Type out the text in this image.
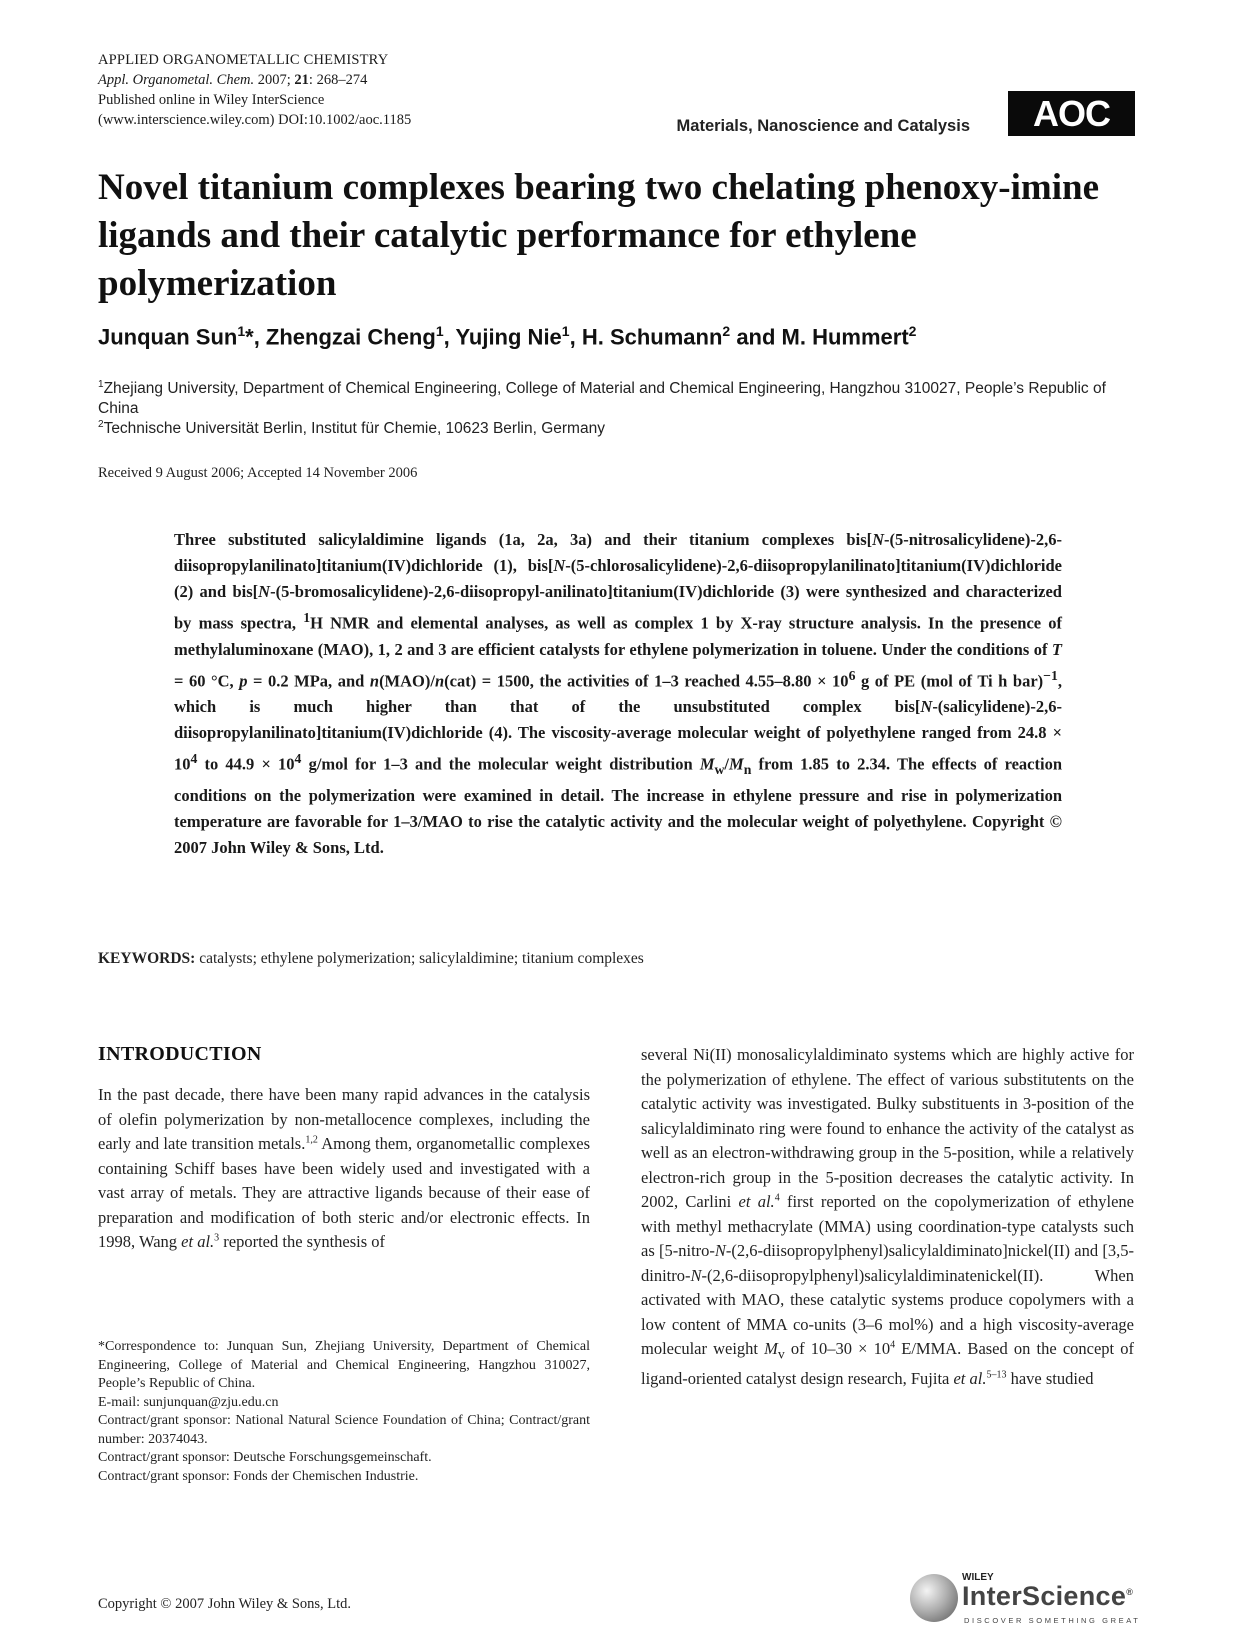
APPLIED ORGANOMETALLIC CHEMISTRY
Appl. Organometal. Chem. 2007; 21: 268–274
Published online in Wiley InterScience
(www.interscience.wiley.com) DOI:10.1002/aoc.1185	Materials, Nanoscience and Catalysis	AOC
Novel titanium complexes bearing two chelating phenoxy-imine ligands and their catalytic performance for ethylene polymerization
Junquan Sun$^1$*, Zhengzai Cheng$^1$, Yujing Nie$^1$, H. Schumann$^2$ and M. Hummert$^2$
$^1$Zhejiang University, Department of Chemical Engineering, College of Material and Chemical Engineering, Hangzhou 310027, People’s Republic of China
$^2$Technische Universität Berlin, Institut für Chemie, 10623 Berlin, Germany
Received 9 August 2006; Accepted 14 November 2006
Three substituted salicylaldimine ligands (1a, 2a, 3a) and their titanium complexes bis[N-(5-nitrosalicylidene)-2,6-diisopropylanilinato]titanium(IV)dichloride (1), bis[N-(5-chlorosalicylidene)-2,6-diisopropylanilinato]titanium(IV)dichloride (2) and bis[N-(5-bromosalicylidene)-2,6-diisopropyl-anilinato]titanium(IV)dichloride (3) were synthesized and characterized by mass spectra, $^1$H NMR and elemental analyses, as well as complex 1 by X-ray structure analysis. In the presence of methylaluminoxane (MAO), 1, 2 and 3 are efficient catalysts for ethylene polymerization in toluene. Under the conditions of T = 60 °C, p = 0.2 MPa, and n(MAO)/n(cat) = 1500, the activities of 1–3 reached $4.55-8.80 \times 10^6$ g of PE (mol of Ti h bar)$^{-1}$, which is much higher than that of the unsubstituted complex bis[N-(salicylidene)-2,6-diisopropylanilinato]titanium(IV)dichloride (4). The viscosity-average molecular weight of polyethylene ranged from $24.8 \times 10^4$ to $44.9 \times 10^4$ g/mol for 1–3 and the molecular weight distribution $M_w/M_n$ from 1.85 to 2.34. The effects of reaction conditions on the polymerization were examined in detail. The increase in ethylene pressure and rise in polymerization temperature are favorable for 1–3/MAO to rise the catalytic activity and the molecular weight of polyethylene. Copyright © 2007 John Wiley & Sons, Ltd.
KEYWORDS: catalysts; ethylene polymerization; salicylaldimine; titanium complexes
INTRODUCTION
In the past decade, there have been many rapid advances in the catalysis of olefin polymerization by non-metallocence complexes, including the early and late transition metals.$^{1,2}$ Among them, organometallic complexes containing Schiff bases have been widely used and investigated with a vast array of metals. They are attractive ligands because of their ease of preparation and modification of both steric and/or electronic effects. In 1998, Wang et al.$^3$ reported the synthesis of
several Ni(II) monosalicylaldiminato systems which are highly active for the polymerization of ethylene. The effect of various substitutents on the catalytic activity was investigated. Bulky substituents in 3-position of the salicylaldiminato ring were found to enhance the activity of the catalyst as well as an electron-withdrawing group in the 5-position, while a relatively electron-rich group in the 5-position decreases the catalytic activity. In 2002, Carlini et al.$^4$ first reported on the copolymerization of ethylene with methyl methacrylate (MMA) using coordination-type catalysts such as [5-nitro-N-(2,6-diisopropylphenyl)salicylaldiminato]nickel(II) and [3,5-dinitro-N-(2,6-diisopropylphenyl)salicylaldiminatenickel(II). When activated with MAO, these catalytic systems produce copolymers with a low content of MMA co-units (3–6 mol%) and a high viscosity-average molecular weight $M_v$ of $10-30 \times 10^4$ E/MMA. Based on the concept of ligand-oriented catalyst design research, Fujita et al.$^{5-13}$ have studied

*Correspondence to: Junquan Sun, Zhejiang University, Department of Chemical Engineering, College of Material and Chemical Engineering, Hangzhou 310027, People’s Republic of China.

E-mail: sunjunquan@zju.edu.cn

Contract/grant sponsor: National Natural Science Foundation of China; Contract/grant number: 20374043.

Contract/grant sponsor: Deutsche Forschungsgemeinschaft.

Contract/grant sponsor: Fonds der Chemischen Industrie.

Copyright © 2007 John Wiley & Sons, Ltd.
WILEY
InterScience®
DISCOVER SOMETHING GREAT
